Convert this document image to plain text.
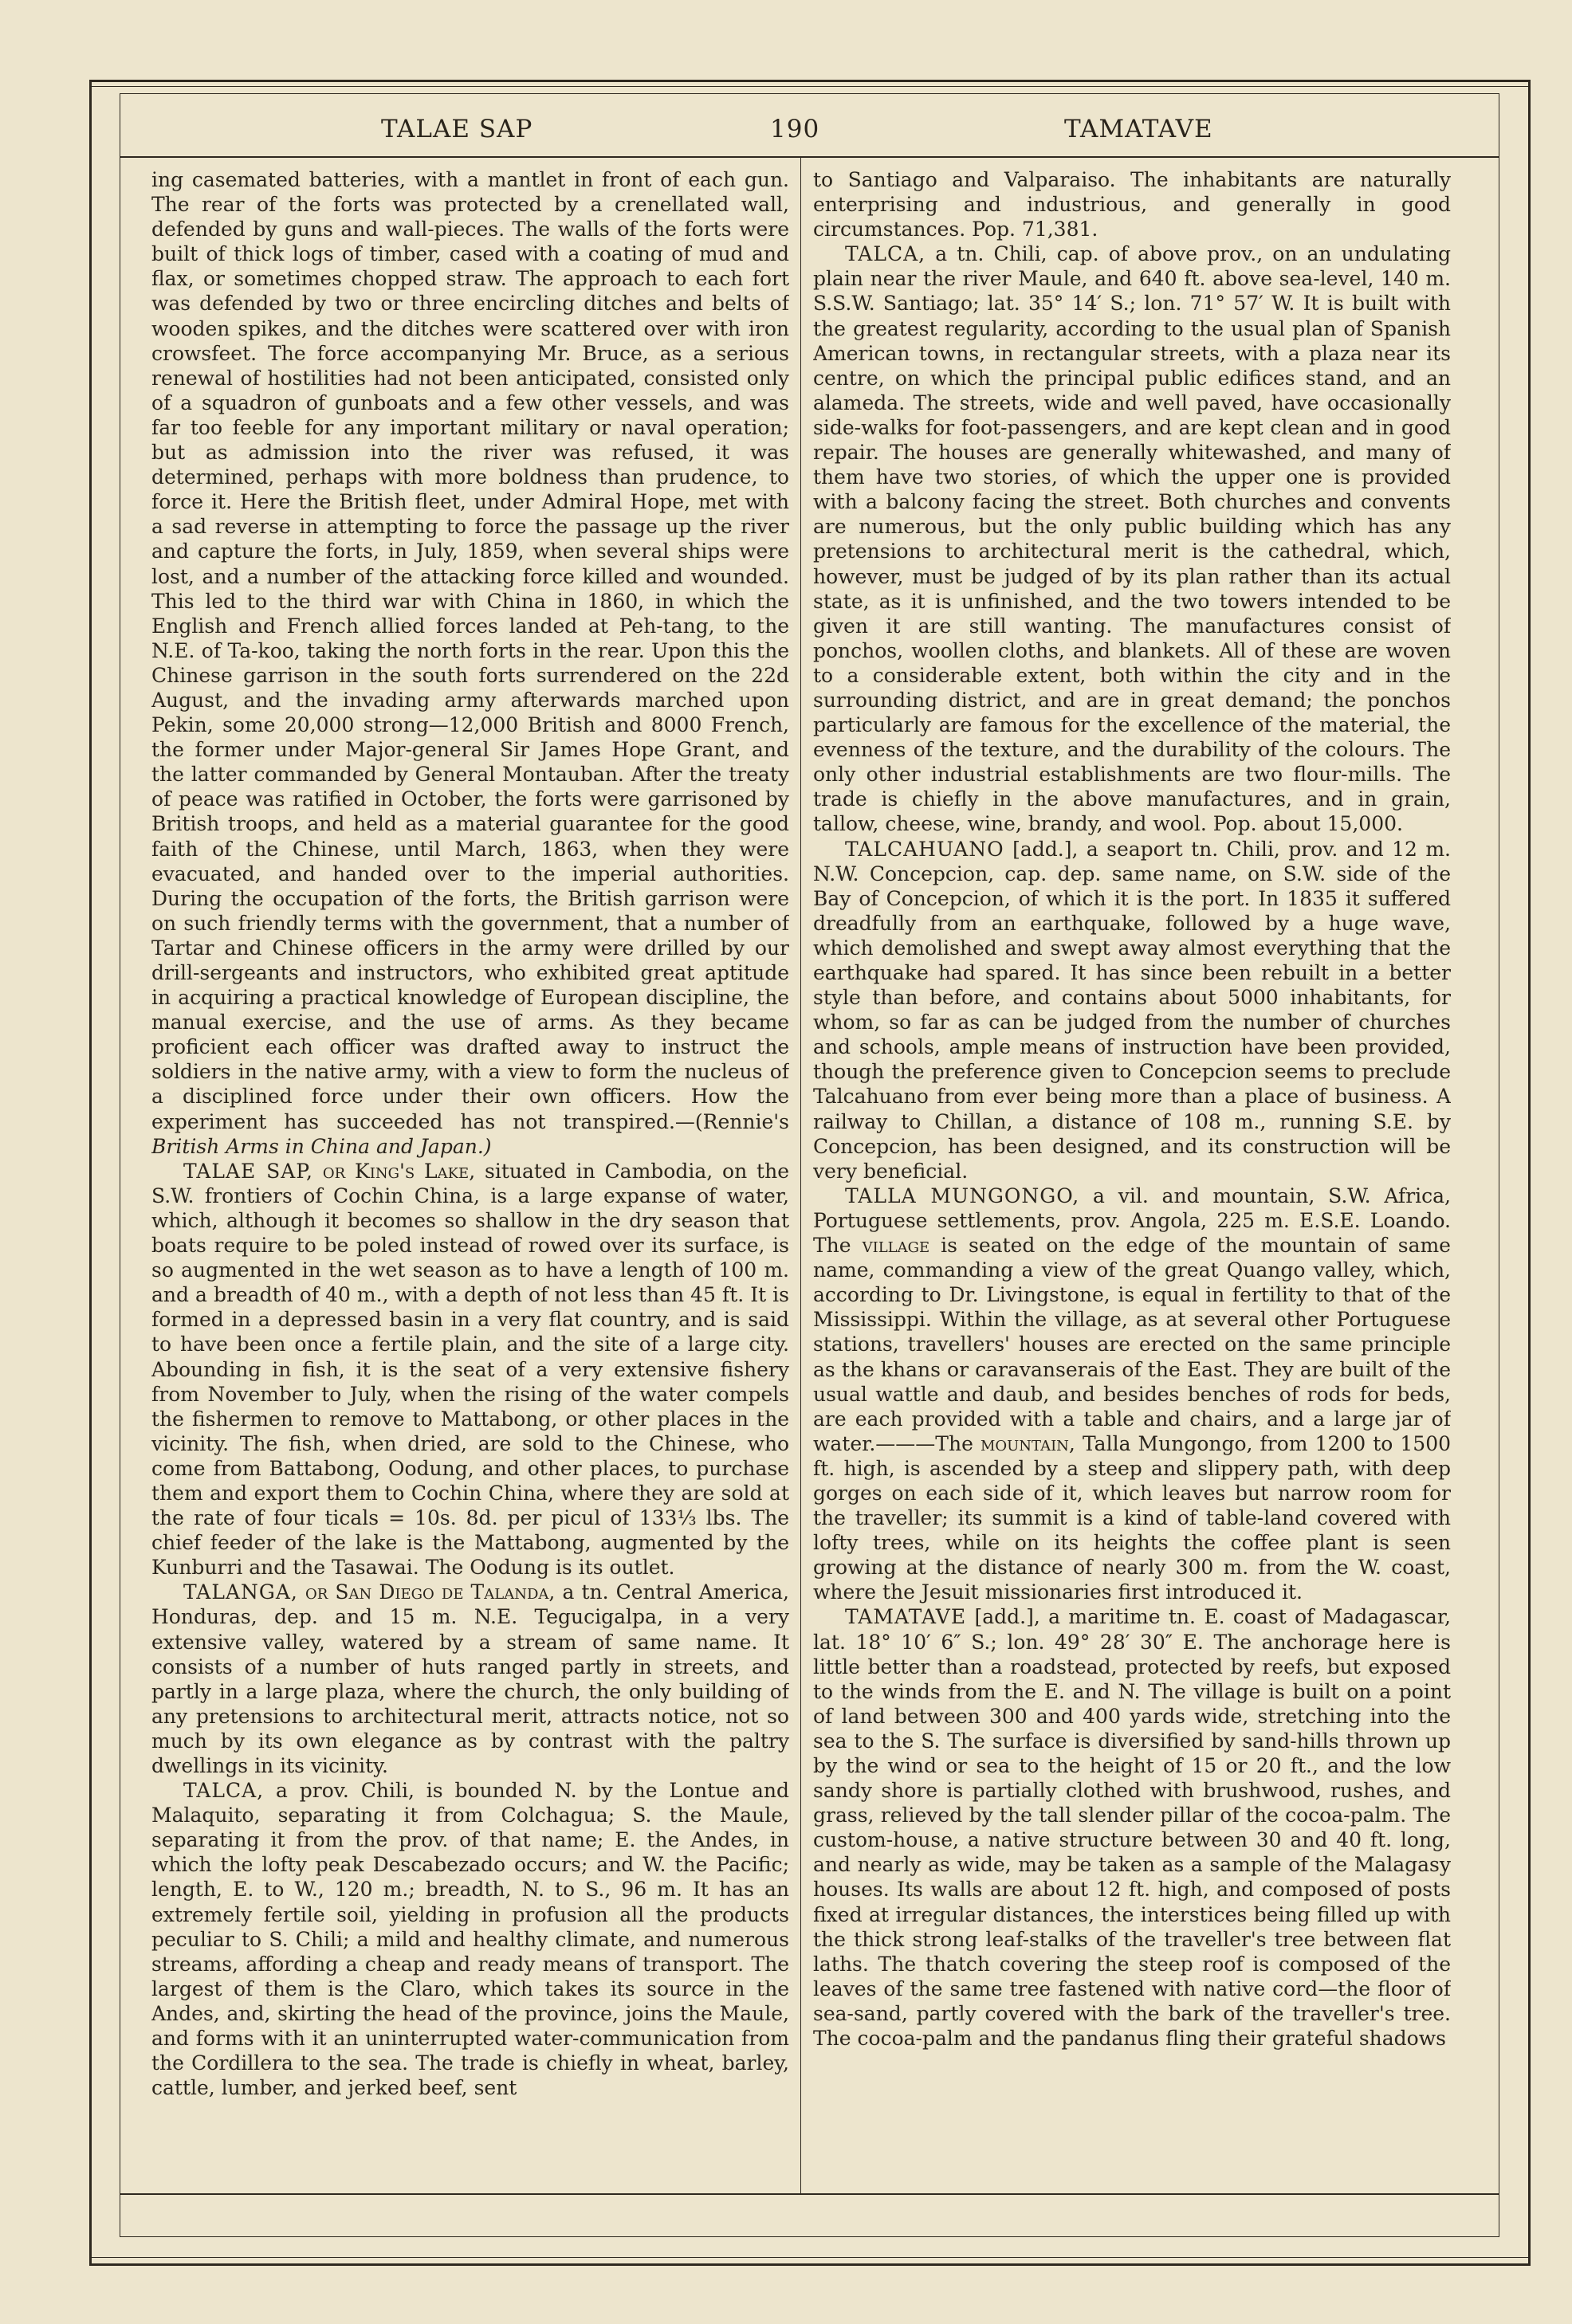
TALAE SAP	190	TAMATAVE

ing casemated batteries, with a mantlet in front of each gun. The rear of the forts was protected by a crenellated wall, defended by guns and wall-pieces. The walls of the forts were built of thick logs of timber, cased with a coating of mud and flax, or sometimes chopped straw. The approach to each fort was defended by two or three encircling ditches and belts of wooden spikes, and the ditches were scattered over with iron crowsfeet. The force accompanying Mr. Bruce, as a serious renewal of hostilities had not been anticipated, consisted only of a squadron of gunboats and a few other vessels, and was far too feeble for any important military or naval operation; but as admission into the river was refused, it was determined, perhaps with more boldness than prudence, to force it. Here the British fleet, under Admiral Hope, met with a sad reverse in attempting to force the passage up the river and capture the forts, in July, 1859, when several ships were lost, and a number of the attacking force killed and wounded. This led to the third war with China in 1860, in which the English and French allied forces landed at Peh-tang, to the N.E. of Ta-koo, taking the north forts in the rear. Upon this the Chinese garrison in the south forts surrendered on the 22d August, and the invading army afterwards marched upon Pekin, some 20,000 strong—12,000 British and 8000 French, the former under Major-general Sir James Hope Grant, and the latter commanded by General Montauban. After the treaty of peace was ratified in October, the forts were garrisoned by British troops, and held as a material guarantee for the good faith of the Chinese, until March, 1863, when they were evacuated, and handed over to the imperial authorities. During the occupation of the forts, the British garrison were on such friendly terms with the government, that a number of Tartar and Chinese officers in the army were drilled by our drill-sergeants and instructors, who exhibited great aptitude in acquiring a practical knowledge of European discipline, the manual exercise, and the use of arms. As they became proficient each officer was drafted away to instruct the soldiers in the native army, with a view to form the nucleus of a disciplined force under their own officers. How the experiment has succeeded has not transpired.—(Rennie's British Arms in China and Japan.)

TALAE SAP, or King's Lake, situated in Cambodia, on the S.W. frontiers of Cochin China, is a large expanse of water, which, although it becomes so shallow in the dry season that boats require to be poled instead of rowed over its surface, is so augmented in the wet season as to have a length of 100 m. and a breadth of 40 m., with a depth of not less than 45 ft. It is formed in a depressed basin in a very flat country, and is said to have been once a fertile plain, and the site of a large city. Abounding in fish, it is the seat of a very extensive fishery from November to July, when the rising of the water compels the fishermen to remove to Mattabong, or other places in the vicinity. The fish, when dried, are sold to the Chinese, who come from Battabong, Oodung, and other places, to purchase them and export them to Cochin China, where they are sold at the rate of four ticals = 10s. 8d. per picul of 133⅓ lbs. The chief feeder of the lake is the Mattabong, augmented by the Kunburri and the Tasawai. The Oodung is its outlet.

TALANGA, or San Diego de Talanda, a tn. Central America, Honduras, dep. and 15 m. N.E. Tegucigalpa, in a very extensive valley, watered by a stream of same name. It consists of a number of huts ranged partly in streets, and partly in a large plaza, where the church, the only building of any pretensions to architectural merit, attracts notice, not so much by its own elegance as by contrast with the paltry dwellings in its vicinity.

TALCA, a prov. Chili, is bounded N. by the Lontue and Malaquito, separating it from Colchagua; S. the Maule, separating it from the prov. of that name; E. the Andes, in which the lofty peak Descabezado occurs; and W. the Pacific; length, E. to W., 120 m.; breadth, N. to S., 96 m. It has an extremely fertile soil, yielding in profusion all the products peculiar to S. Chili; a mild and healthy climate, and numerous streams, affording a cheap and ready means of transport. The largest of them is the Claro, which takes its source in the Andes, and, skirting the head of the province, joins the Maule, and forms with it an uninterrupted water-communication from the Cordillera to the sea. The trade is chiefly in wheat, barley, cattle, lumber, and jerked beef, sent

to Santiago and Valparaiso. The inhabitants are naturally enterprising and industrious, and generally in good circumstances. Pop. 71,381.

TALCA, a tn. Chili, cap. of above prov., on an undulating plain near the river Maule, and 640 ft. above sea-level, 140 m. S.S.W. Santiago; lat. 35° 14′ S.; lon. 71° 57′ W. It is built with the greatest regularity, according to the usual plan of Spanish American towns, in rectangular streets, with a plaza near its centre, on which the principal public edifices stand, and an alameda. The streets, wide and well paved, have occasionally side-walks for foot-passengers, and are kept clean and in good repair. The houses are generally whitewashed, and many of them have two stories, of which the upper one is provided with a balcony facing the street. Both churches and convents are numerous, but the only public building which has any pretensions to architectural merit is the cathedral, which, however, must be judged of by its plan rather than its actual state, as it is unfinished, and the two towers intended to be given it are still wanting. The manufactures consist of ponchos, woollen cloths, and blankets. All of these are woven to a considerable extent, both within the city and in the surrounding district, and are in great demand; the ponchos particularly are famous for the excellence of the material, the evenness of the texture, and the durability of the colours. The only other industrial establishments are two flour-mills. The trade is chiefly in the above manufactures, and in grain, tallow, cheese, wine, brandy, and wool. Pop. about 15,000.

TALCAHUANO [add.], a seaport tn. Chili, prov. and 12 m. N.W. Concepcion, cap. dep. same name, on S.W. side of the Bay of Concepcion, of which it is the port. In 1835 it suffered dreadfully from an earthquake, followed by a huge wave, which demolished and swept away almost everything that the earthquake had spared. It has since been rebuilt in a better style than before, and contains about 5000 inhabitants, for whom, so far as can be judged from the number of churches and schools, ample means of instruction have been provided, though the preference given to Concepcion seems to preclude Talcahuano from ever being more than a place of business. A railway to Chillan, a distance of 108 m., running S.E. by Concepcion, has been designed, and its construction will be very beneficial.

TALLA MUNGONGO, a vil. and mountain, S.W. Africa, Portuguese settlements, prov. Angola, 225 m. E.S.E. Loando. The village is seated on the edge of the mountain of same name, commanding a view of the great Quango valley, which, according to Dr. Livingstone, is equal in fertility to that of the Mississippi. Within the village, as at several other Portuguese stations, travellers' houses are erected on the same principle as the khans or caravanserais of the East. They are built of the usual wattle and daub, and besides benches of rods for beds, are each provided with a table and chairs, and a large jar of water.———The mountain, Talla Mungongo, from 1200 to 1500 ft. high, is ascended by a steep and slippery path, with deep gorges on each side of it, which leaves but narrow room for the traveller; its summit is a kind of table-land covered with lofty trees, while on its heights the coffee plant is seen growing at the distance of nearly 300 m. from the W. coast, where the Jesuit missionaries first introduced it.

TAMATAVE [add.], a maritime tn. E. coast of Madagascar, lat. 18° 10′ 6″ S.; lon. 49° 28′ 30″ E. The anchorage here is little better than a roadstead, protected by reefs, but exposed to the winds from the E. and N. The village is built on a point of land between 300 and 400 yards wide, stretching into the sea to the S. The surface is diversified by sand-hills thrown up by the wind or sea to the height of 15 or 20 ft., and the low sandy shore is partially clothed with brushwood, rushes, and grass, relieved by the tall slender pillar of the cocoa-palm. The custom-house, a native structure between 30 and 40 ft. long, and nearly as wide, may be taken as a sample of the Malagasy houses. Its walls are about 12 ft. high, and composed of posts fixed at irregular distances, the interstices being filled up with the thick strong leaf-stalks of the traveller's tree between flat laths. The thatch covering the steep roof is composed of the leaves of the same tree fastened with native cord—the floor of sea-sand, partly covered with the bark of the traveller's tree. The cocoa-palm and the pandanus fling their grateful shadows
